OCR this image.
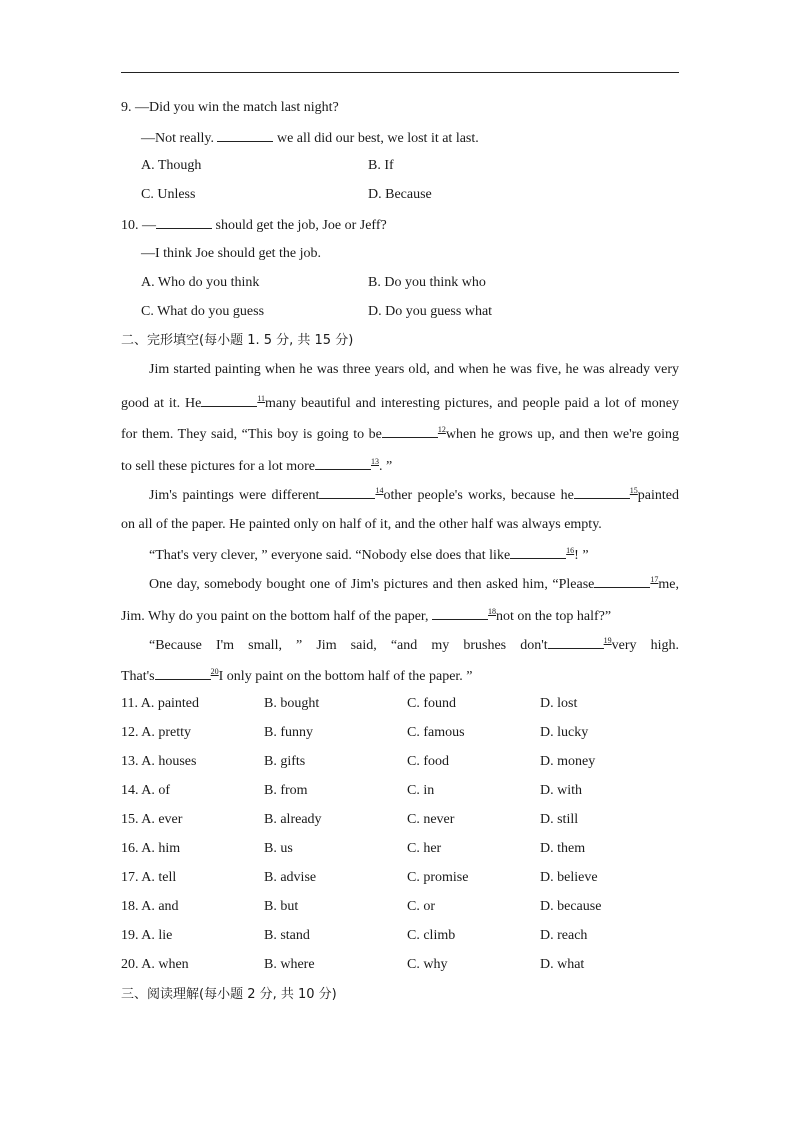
9. —Did you win the match last night?
—Not really.	we all did our best, we lost it at last.
A. Though	B. If
C. Unless	D. Because
10. —	should get the job, Joe or Jeff?
—I think Joe should get the job.
A. Who do you think	B. Do you think who
C. What do you guess	D. Do you guess what
二、完形填空(每小题 1. 5 分, 共 15 分)
Jim started painting when he was three years old, and when he was five, he was already very
good at it. He	$^{11}$many beautiful and interesting pictures, and people paid a lot of money
for them. They said, “This boy is going to be	$^{12}$when he grows up, and then we're going
to sell these pictures for a lot more	$^{13}$. ”
Jim's paintings were different	$^{14}$other people's works, because he	$^{15}$painted
on all of the paper. He painted only on half of it, and the other half was always empty.
“That's very clever, ” everyone said. “Nobody else does that like	$^{16}$! ”
One day, somebody bought one of Jim's pictures and then asked him, “Please	$^{17}$me,
Jim. Why do you paint on the bottom half of the paper,	$^{18}$not on the top half?”
“Because I'm small, ” Jim said, “and my brushes don't	$^{19}$very high.
That's	$^{20}$I only paint on the bottom half of the paper. ”
11. A. painted	B. bought	C. found	D. lost
12. A. pretty	B. funny	C. famous	D. lucky
13. A. houses	B. gifts	C. food	D. money
14. A. of	B. from	C. in	D. with
15. A. ever	B. already	C. never	D. still
16. A. him	B. us	C. her	D. them
17. A. tell	B. advise	C. promise	D. believe
18. A. and	B. but	C. or	D. because
19. A. lie	B. stand	C. climb	D. reach
20. A. when	B. where	C. why	D. what
三、阅读理解(每小题 2 分, 共 10 分)
